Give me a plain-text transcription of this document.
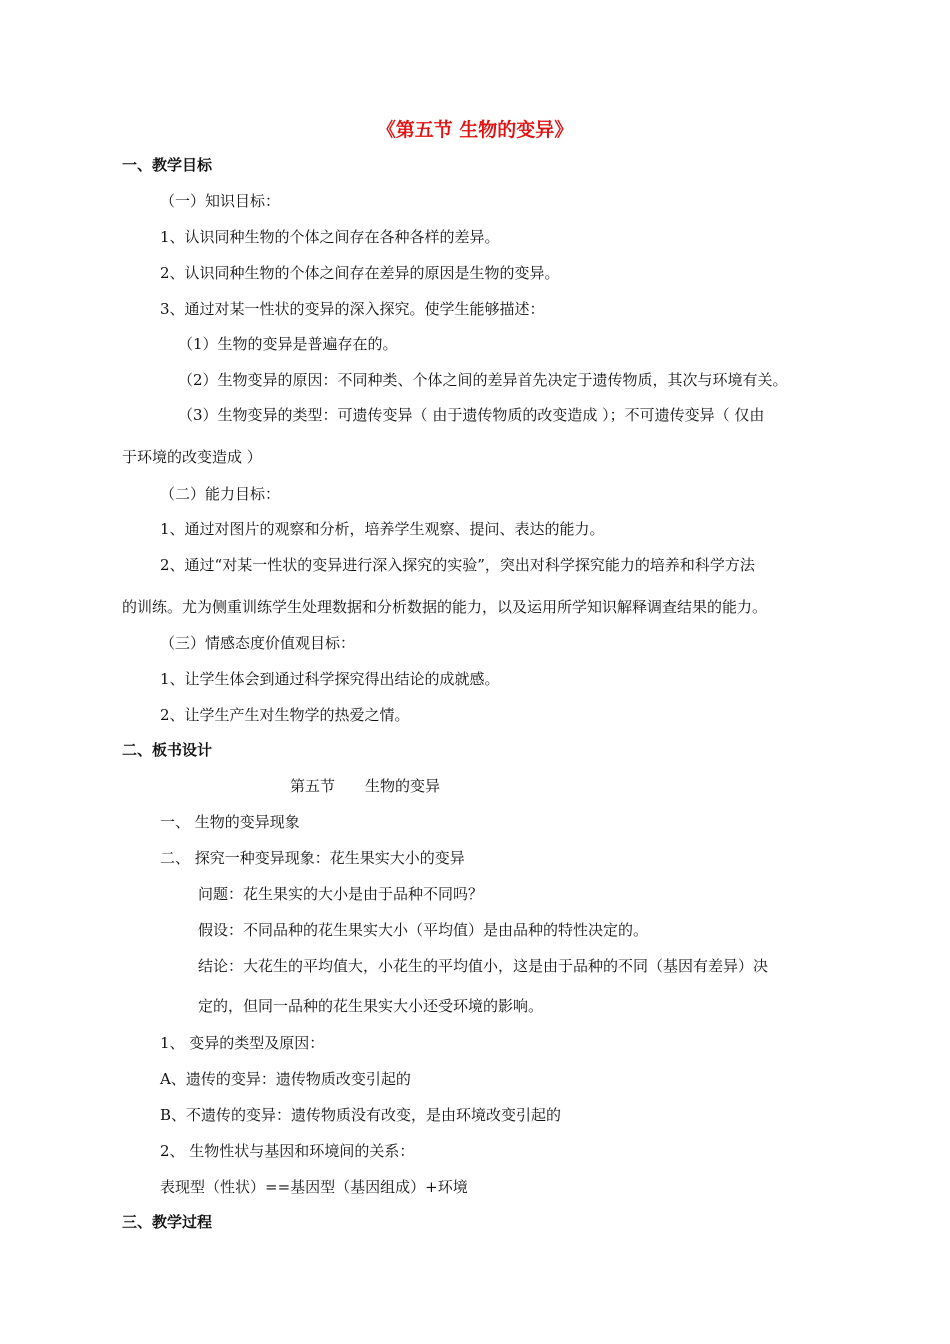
《第五节 生物的变异》
一、教学目标
（一）知识目标：
1、认识同种生物的个体之间存在各种各样的差异。
2、认识同种生物的个体之间存在差异的原因是生物的变异。
3、通过对某一性状的变异的深入探究。使学生能够描述：
（1）生物的变异是普遍存在的。
（2）生物变异的原因：不同种类、个体之间的差异首先决定于遗传物质，其次与环境有关。
（3）生物变异的类型：可遗传变异（ 由于遗传物质的改变造成 ）；不可遗传变异（ 仅由
于环境的改变造成 ）
（二）能力目标：
1、通过对图片的观察和分析，培养学生观察、提问、表达的能力。
2、通过“对某一性状的变异进行深入探究的实验”，突出对科学探究能力的培养和科学方法
的训练。尤为侧重训练学生处理数据和分析数据的能力，以及运用所学知识解释调查结果的能力。
（三）情感态度价值观目标：
1、让学生体会到通过科学探究得出结论的成就感。
2、让学生产生对生物学的热爱之情。
二、板书设计
第五节　　生物的变异
一、 生物的变异现象
二、 探究一种变异现象：花生果实大小的变异
问题：花生果实的大小是由于品种不同吗？
假设：不同品种的花生果实大小（平均值）是由品种的特性决定的。
结论：大花生的平均值大，小花生的平均值小，这是由于品种的不同（基因有差异）决
定的，但同一品种的花生果实大小还受环境的影响。
1、 变异的类型及原因：
A、遗传的变异：遗传物质改变引起的
B、不遗传的变异：遗传物质没有改变，是由环境改变引起的
2、 生物性状与基因和环境间的关系：
表现型（性状）==基因型（基因组成）+环境
三、教学过程
